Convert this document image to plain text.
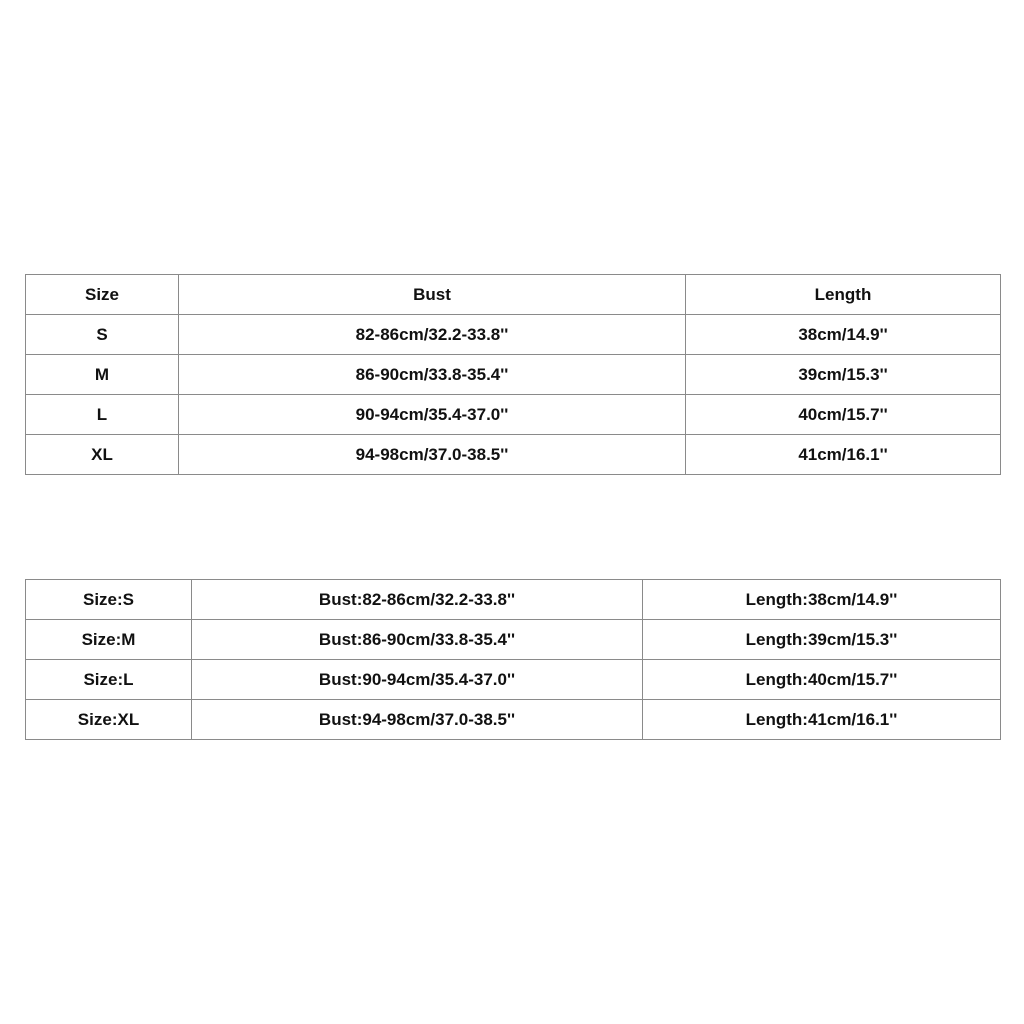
Size	Bust	Length
S	82-86cm/32.2-33.8''	38cm/14.9''
M	86-90cm/33.8-35.4''	39cm/15.3''
L	90-94cm/35.4-37.0''	40cm/15.7''
XL	94-98cm/37.0-38.5''	41cm/16.1''
Size:S	Bust:82-86cm/32.2-33.8''	Length:38cm/14.9''
Size:M	Bust:86-90cm/33.8-35.4''	Length:39cm/15.3''
Size:L	Bust:90-94cm/35.4-37.0''	Length:40cm/15.7''
Size:XL	Bust:94-98cm/37.0-38.5''	Length:41cm/16.1''
